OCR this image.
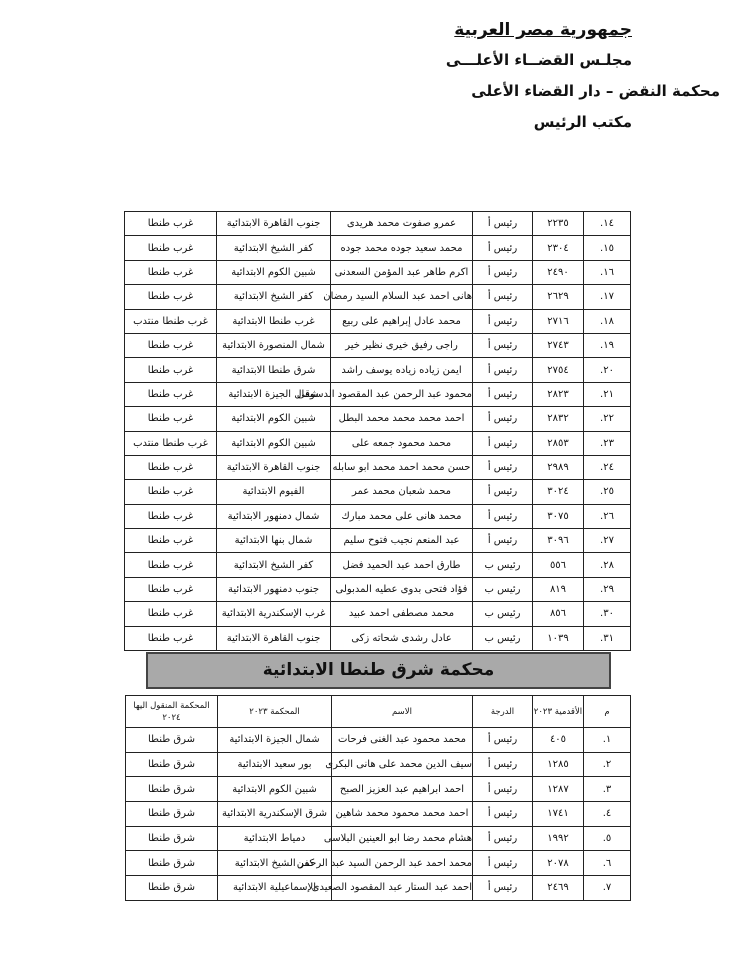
جمهورية مصر العربية
مجلـس القضــاء الأعلـــى
محكمة النقض – دار القضاء الأعلى
مكتب الرئيس
.١٤	٢٢٣٥	رئيس أ	عمرو صفوت محمد هريدى	جنوب القاهرة الابتدائية	غرب طنطا
.١٥	٢٣٠٤	رئيس أ	محمد سعيد جوده محمد جوده	كفر الشيخ الابتدائية	غرب طنطا
.١٦	٢٤٩٠	رئيس أ	اكرم طاهر عبد المؤمن السعدنى	شبين الكوم الابتدائية	غرب طنطا
.١٧	٢٦٢٩	رئيس أ	هانى احمد عبد السلام السيد رمضان	كفر الشيخ الابتدائية	غرب طنطا
.١٨	٢٧١٦	رئيس أ	محمد عادل إبراهيم على ربيع	غرب طنطا الابتدائية	غرب طنطا منتدب
.١٩	٢٧٤٣	رئيس أ	راجى رفيق خيرى نظير خير	شمال المنصورة الابتدائية	غرب طنطا
.٢٠	٢٧٥٤	رئيس أ	ايمن زياده زياده يوسف راشد	شرق طنطا الابتدائية	غرب طنطا
.٢١	٢٨٢٣	رئيس أ	محمود عبد الرحمن عبد المقصود الدسوقى	شمال الجيزة الابتدائية	غرب طنطا
.٢٢	٢٨٣٢	رئيس أ	احمد محمد محمد محمد البطل	شبين الكوم الابتدائية	غرب طنطا
.٢٣	٢٨٥٣	رئيس أ	محمد محمود جمعه على	شبين الكوم الابتدائية	غرب طنطا منتدب
.٢٤	٢٩٨٩	رئيس أ	حسن محمد احمد محمد ابو سابله	جنوب القاهرة الابتدائية	غرب طنطا
.٢٥	٣٠٢٤	رئيس أ	محمد شعبان محمد عمر	الفيوم الابتدائية	غرب طنطا
.٢٦	٣٠٧٥	رئيس أ	محمد هانى على محمد مبارك	شمال دمنهور الابتدائية	غرب طنطا
.٢٧	٣٠٩٦	رئيس أ	عبد المنعم نجيب فتوح سليم	شمال بنها الابتدائية	غرب طنطا
.٢٨	٥٥٦	رئيس ب	طارق احمد عبد الحميد فضل	كفر الشيخ الابتدائية	غرب طنطا
.٢٩	٨١٩	رئيس ب	فؤاد فتحى بدوى عطيه المدبولى	جنوب دمنهور الابتدائية	غرب طنطا
.٣٠	٨٥٦	رئيس ب	محمد مصطفى احمد عبيد	غرب الإسكندرية الابتدائية	غرب طنطا
.٣١	١٠٣٩	رئيس ب	عادل رشدى شحاته زكى	جنوب القاهرة الابتدائية	غرب طنطا
محكمة شرق طنطا الابتدائية
م	الأقدمية ٢٠٢٣	الدرجة	الاسم	المحكمة ٢٠٢٣	المحكمة المنقول اليها ٢٠٢٤
.١	٤٠٥	رئيس أ	محمد محمود عبد الغنى فرحات	شمال الجيزة الابتدائية	شرق طنطا
.٢	١٢٨٥	رئيس أ	سيف الدين محمد على هانى البكرى	بور سعيد الابتدائية	شرق طنطا
.٣	١٢٨٧	رئيس أ	احمد ابراهيم عبد العزيز الصبح	شبين الكوم الابتدائية	شرق طنطا
.٤	١٧٤١	رئيس أ	احمد محمد محمود محمد شاهين	شرق الإسكندرية الابتدائية	شرق طنطا
.٥	١٩٩٢	رئيس أ	هشام محمد رضا ابو العينين البلاسى	دمياط الابتدائية	شرق طنطا
.٦	٢٠٧٨	رئيس أ	محمد احمد عبد الرحمن السيد عبد الرحمن	كفر الشيخ الابتدائية	شرق طنطا
.٧	٢٤٦٩	رئيس أ	احمد عبد الستار عبد المقصود الصعيدى	الإسماعيلية الابتدائية	شرق طنطا
